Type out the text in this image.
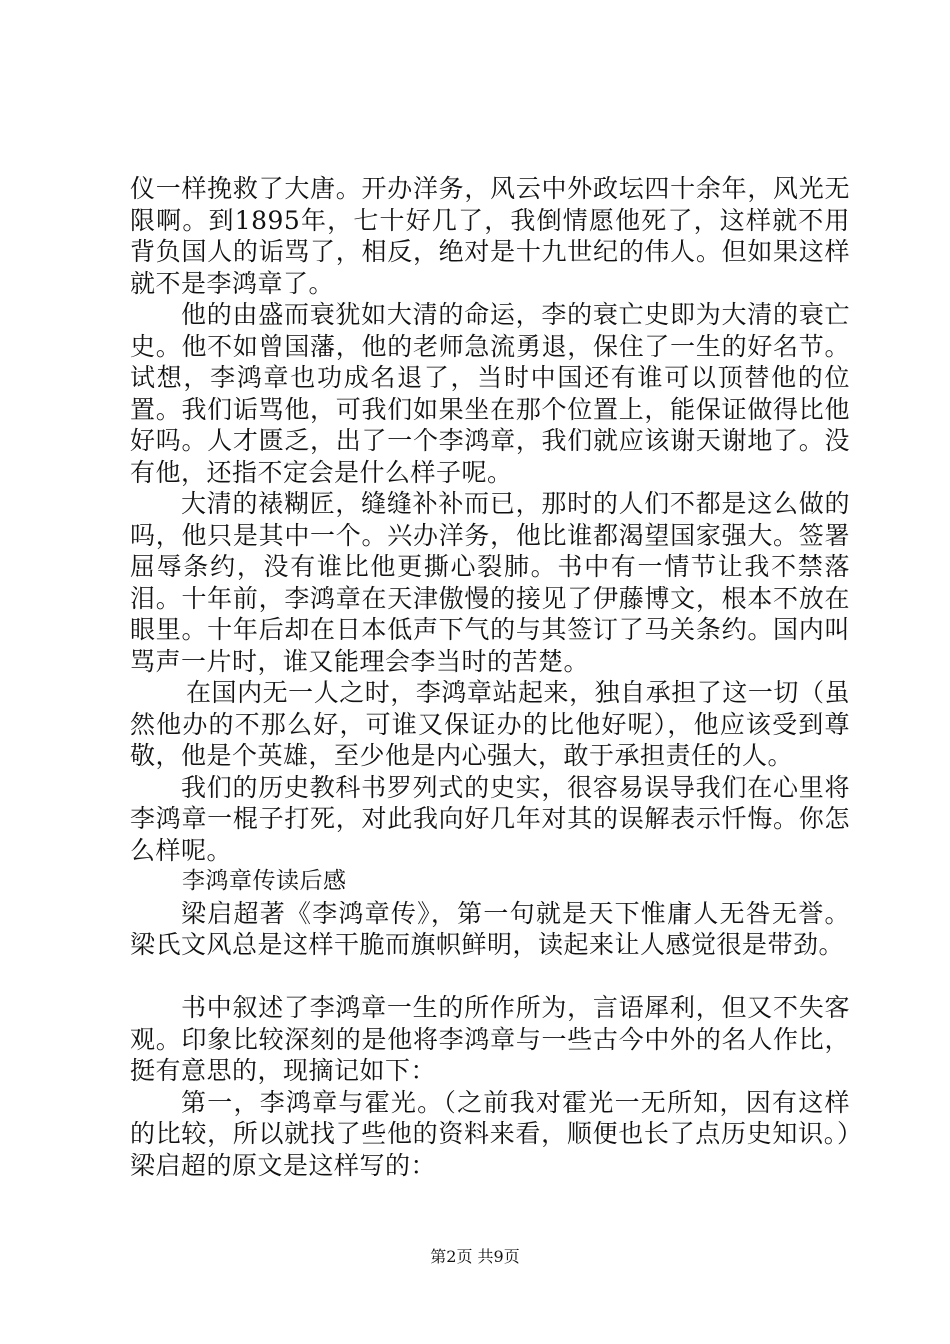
仪一样挽救了大唐。开办洋务，风云中外政坛四十余年，风光无限啊。到1895年，七十好几了，我倒情愿他死了，这样就不用背负国人的诟骂了，相反，绝对是十九世纪的伟人。但如果这样就不是李鸿章了。

他的由盛而衰犹如大清的命运，李的衰亡史即为大清的衰亡史。他不如曾国藩，他的老师急流勇退，保住了一生的好名节。试想，李鸿章也功成名退了，当时中国还有谁可以顶替他的位置。我们诟骂他，可我们如果坐在那个位置上，能保证做得比他好吗。人才匮乏，出了一个李鸿章，我们就应该谢天谢地了。没有他，还指不定会是什么样子呢。

大清的裱糊匠，缝缝补补而已，那时的人们不都是这么做的吗，他只是其中一个。兴办洋务，他比谁都渴望国家强大。签署屈辱条约，没有谁比他更撕心裂肺。书中有一情节让我不禁落泪。十年前，李鸿章在天津傲慢的接见了伊藤博文，根本不放在眼里。十年后却在日本低声下气的与其签订了马关条约。国内叫骂声一片时，谁又能理会李当时的苦楚。

在国内无一人之时，李鸿章站起来，独自承担了这一切（虽然他办的不那么好，可谁又保证办的比他好呢），他应该受到尊敬，他是个英雄，至少他是内心强大，敢于承担责任的人。

我们的历史教科书罗列式的史实，很容易误导我们在心里将李鸿章一棍子打死，对此我向好几年对其的误解表示忏悔。你怎么样呢。

李鸿章传读后感

梁启超著《李鸿章传》，第一句就是天下惟庸人无咎无誉。梁氏文风总是这样干脆而旗帜鲜明，读起来让人感觉很是带劲。

书中叙述了李鸿章一生的所作所为，言语犀利，但又不失客观。印象比较深刻的是他将李鸿章与一些古今中外的名人作比，挺有意思的，现摘记如下：

第一，李鸿章与霍光。（之前我对霍光一无所知，因有这样的比较，所以就找了些他的资料来看，顺便也长了点历史知识。）梁启超的原文是这样写的：

第2页 共9页
